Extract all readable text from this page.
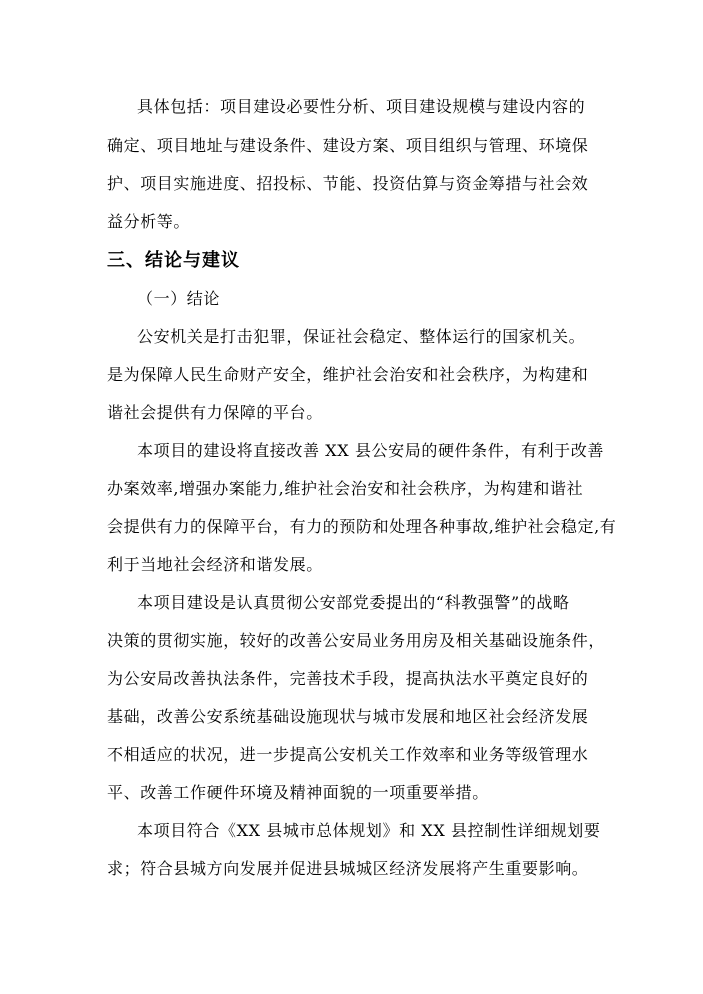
具体包括：项目建设必要性分析、项目建设规模与建设内容的
确定、项目地址与建设条件、建设方案、项目组织与管理、环境保
护、项目实施进度、招投标、节能、投资估算与资金筹措与社会效
益分析等。
三、结论与建议
（一）结论
公安机关是打击犯罪，保证社会稳定、整体运行的国家机关。
是为保障人民生命财产安全，维护社会治安和社会秩序，为构建和
谐社会提供有力保障的平台。
本项目的建设将直接改善 XX 县公安局的硬件条件，有利于改善
办案效率,增强办案能力,维护社会治安和社会秩序，为构建和谐社
会提供有力的保障平台，有力的预防和处理各种事故,维护社会稳定,有
利于当地社会经济和谐发展。
本项目建设是认真贯彻公安部党委提出的“科教强警”的战略
决策的贯彻实施，较好的改善公安局业务用房及相关基础设施条件，
为公安局改善执法条件，完善技术手段，提高执法水平奠定良好的
基础，改善公安系统基础设施现状与城市发展和地区社会经济发展
不相适应的状况，进一步提高公安机关工作效率和业务等级管理水
平、改善工作硬件环境及精神面貌的一项重要举措。
本项目符合《XX 县城市总体规划》和 XX 县控制性详细规划要
求；符合县城方向发展并促进县城城区经济发展将产生重要影响。
